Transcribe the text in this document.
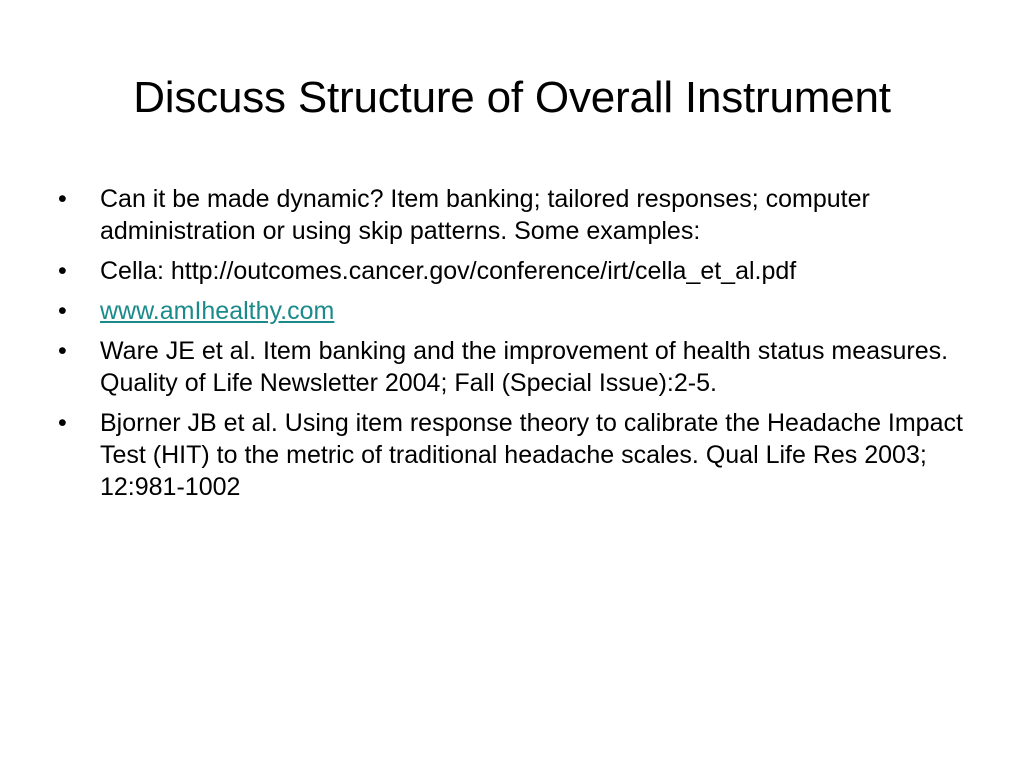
Discuss Structure of Overall Instrument
•	Can it be made dynamic? Item banking; tailored responses; computer administration or using skip patterns. Some examples:
•	Cella: http://outcomes.cancer.gov/conference/irt/cella_et_al.pdf
•	www.amIhealthy.com
•	Ware JE et al. Item banking and the improvement of health status measures. Quality of Life Newsletter 2004; Fall (Special Issue):2-5.
•	Bjorner JB et al. Using item response theory to calibrate the Headache Impact Test (HIT) to the metric of traditional headache scales. Qual Life Res 2003; 12:981-1002
